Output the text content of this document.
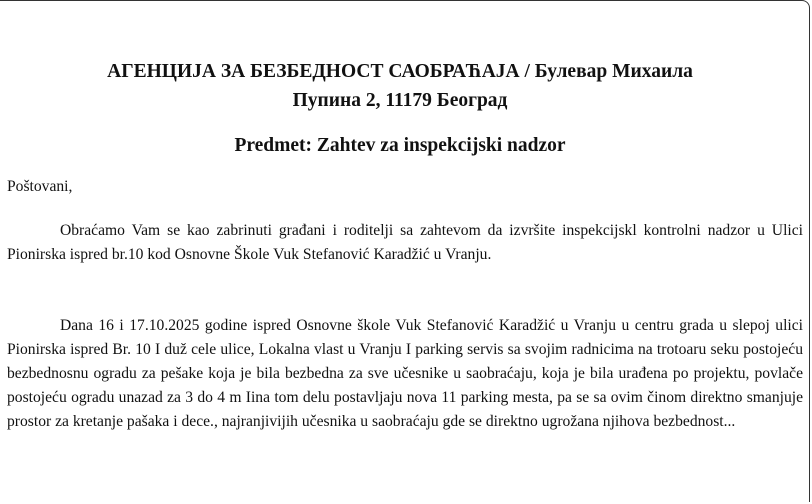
АГЕНЦИЈА ЗА БЕЗБЕДНОСТ САОБРАЋАЈА / Булевар Михаила
Пупина 2, 11179 Београд
Predmet: Zahtev za inspekcijski nadzor
Poštovani,

Obraćamo Vam se kao zabrinuti građani i roditelji sa zahtevom da izvršite inspekcijskl kontrolni nadzor u Ulici Pionirska ispred br.10 kod Osnovne Škole Vuk Stefanović Karadžić u Vranju.

Dana 16 i 17.10.2025 godine ispred Osnovne škole Vuk Stefanović Karadžić u Vranju u centru grada u slepoj ulici Pionirska ispred Br. 10 I duž cele ulice, Lokalna vlast u Vranju I parking servis sa svojim radnicima na trotoaru seku postojeću bezbednosnu ogradu za pešake koja je bila bezbedna za sve učesnike u saobraćaju, koja je bila urađena po projektu, povlače postojeću ogradu unazad za 3 do 4 m Iina tom delu postavljaju nova 11 parking mesta, pa se sa ovim činom direktno smanjuje prostor za kretanje pašaka i dece., najranjivijih učesnika u saobraćaju gde se direktno ugrožana njihova bezbednost...
